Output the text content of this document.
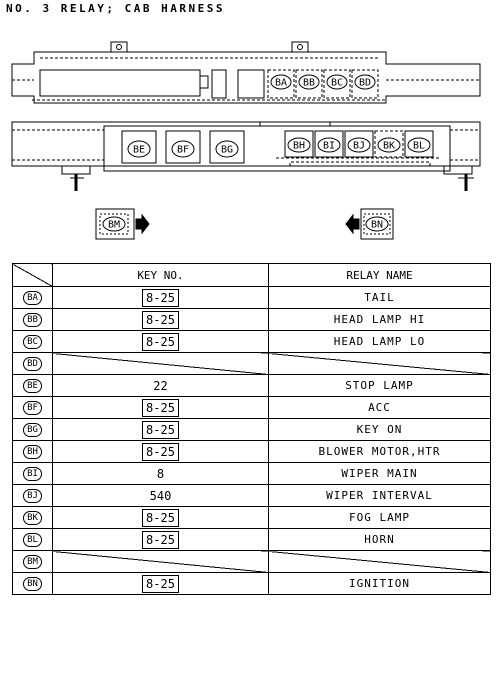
NO. 3 RELAY; CAB HARNESS
BA BB BC BD
BE	BF	BG	BH BI BJ BK BL
BM	BN
	KEY NO.	RELAY NAME
BA	8-25	TAIL
BB	8-25	HEAD LAMP HI
BC	8-25	HEAD LAMP LO
BD		
BE	22	STOP LAMP
BF	8-25	ACC
BG	8-25	KEY ON
BH	8-25	BLOWER MOTOR,HTR
BI	8	WIPER MAIN
BJ	540	WIPER INTERVAL
BK	8-25	FOG LAMP
BL	8-25	HORN
BM		
BN	8-25	IGNITION
